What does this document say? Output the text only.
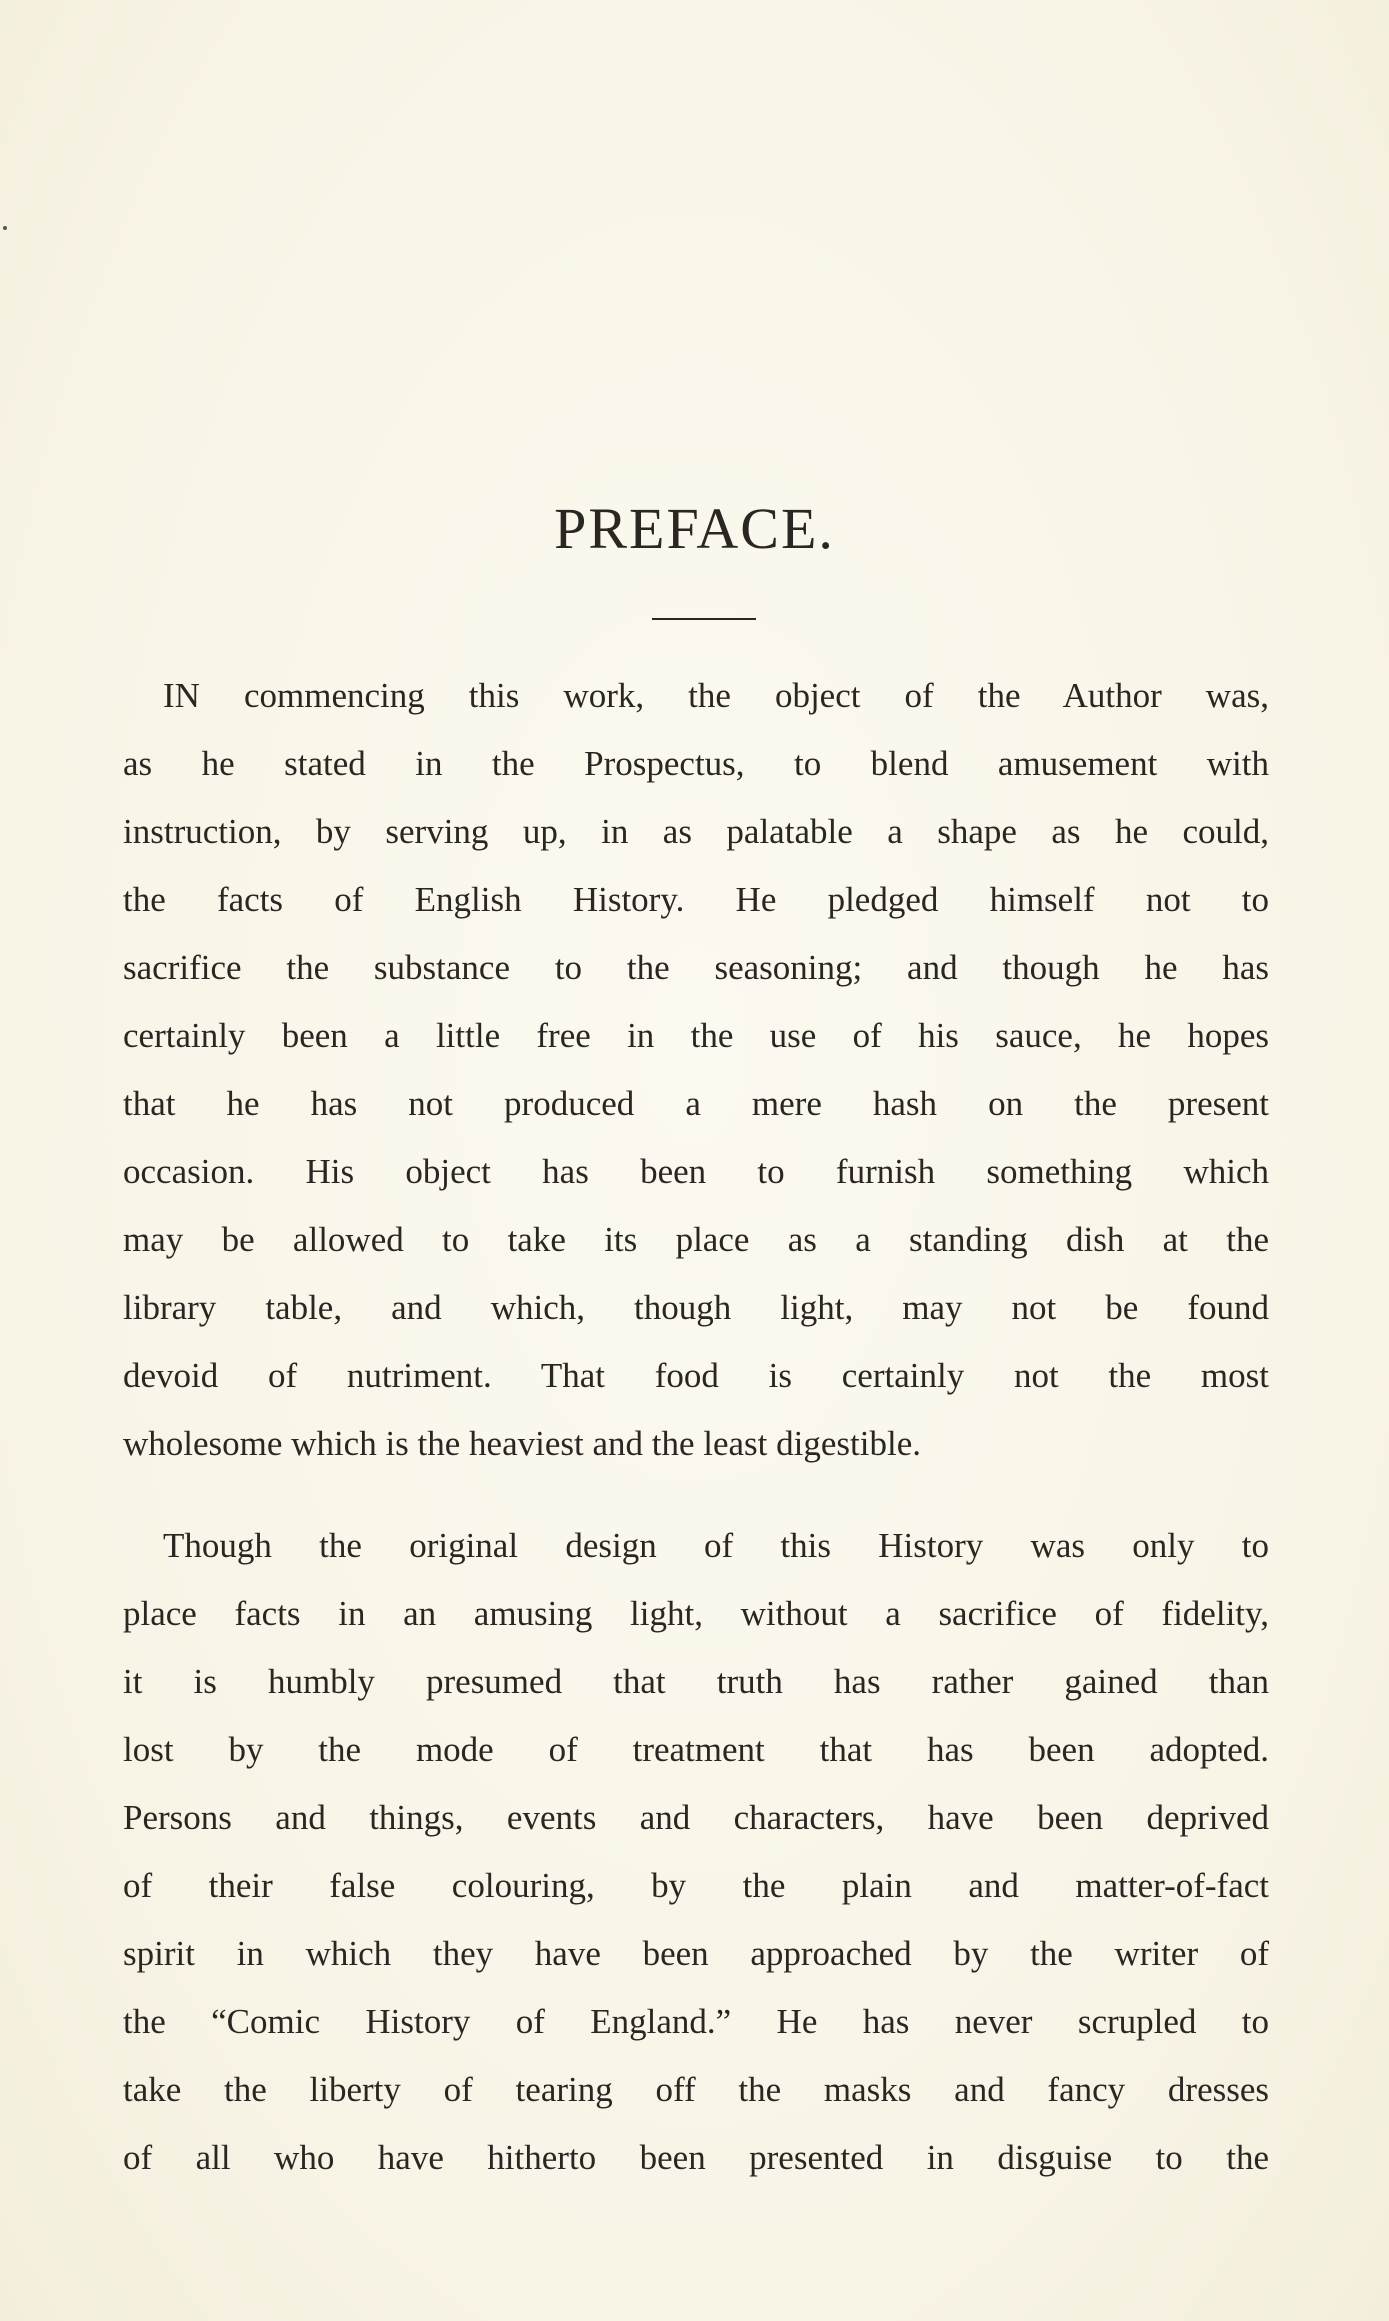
PREFACE.
IN commencing this work, the object of the Author was,
as he stated in the Prospectus, to blend amusement with
instruction, by serving up, in as palatable a shape as he could,
the facts of English History. He pledged himself not to
sacrifice the substance to the seasoning; and though he has
certainly been a little free in the use of his sauce, he hopes
that he has not produced a mere hash on the present
occasion. His object has been to furnish something which
may be allowed to take its place as a standing dish at the
library table, and which, though light, may not be found
devoid of nutriment. That food is certainly not the most
wholesome which is the heaviest and the least digestible.
Though the original design of this History was only to
place facts in an amusing light, without a sacrifice of fidelity,
it is humbly presumed that truth has rather gained than
lost by the mode of treatment that has been adopted.
Persons and things, events and characters, have been deprived
of their false colouring, by the plain and matter-of-fact
spirit in which they have been approached by the writer of
the “Comic History of England.” He has never scrupled to
take the liberty of tearing off the masks and fancy dresses
of all who have hitherto been presented in disguise to the
